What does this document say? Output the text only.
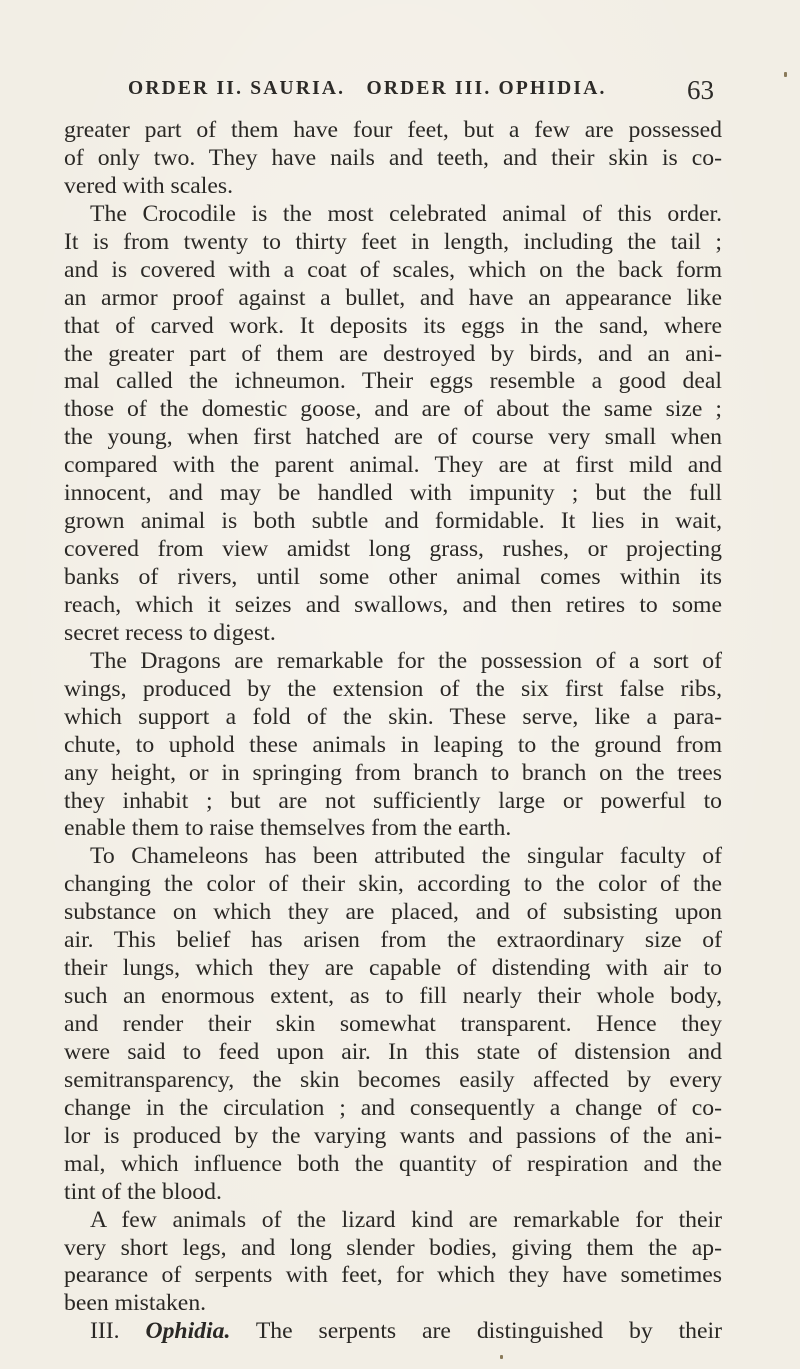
ORDER II. SAURIA.   ORDER III. OPHIDIA.	63
greater part of them have four feet, but a few are possessed
of only two. They have nails and teeth, and their skin is co-
vered with scales.
The Crocodile is the most celebrated animal of this order.
It is from twenty to thirty feet in length, including the tail ;
and is covered with a coat of scales, which on the back form
an armor proof against a bullet, and have an appearance like
that of carved work. It deposits its eggs in the sand, where
the greater part of them are destroyed by birds, and an ani-
mal called the ichneumon. Their eggs resemble a good deal
those of the domestic goose, and are of about the same size ;
the young, when first hatched are of course very small when
compared with the parent animal. They are at first mild and
innocent, and may be handled with impunity ; but the full
grown animal is both subtle and formidable. It lies in wait,
covered from view amidst long grass, rushes, or projecting
banks of rivers, until some other animal comes within its
reach, which it seizes and swallows, and then retires to some
secret recess to digest.
The Dragons are remarkable for the possession of a sort of
wings, produced by the extension of the six first false ribs,
which support a fold of the skin. These serve, like a para-
chute, to uphold these animals in leaping to the ground from
any height, or in springing from branch to branch on the trees
they inhabit ; but are not sufficiently large or powerful to
enable them to raise themselves from the earth.
To Chameleons has been attributed the singular faculty of
changing the color of their skin, according to the color of the
substance on which they are placed, and of subsisting upon
air. This belief has arisen from the extraordinary size of
their lungs, which they are capable of distending with air to
such an enormous extent, as to fill nearly their whole body,
and render their skin somewhat transparent. Hence they
were said to feed upon air. In this state of distension and
semitransparency, the skin becomes easily affected by every
change in the circulation ; and consequently a change of co-
lor is produced by the varying wants and passions of the ani-
mal, which influence both the quantity of respiration and the
tint of the blood.
A few animals of the lizard kind are remarkable for their
very short legs, and long slender bodies, giving them the ap-
pearance of serpents with feet, for which they have sometimes
been mistaken.
III. Ophidia. The serpents are distinguished by their
